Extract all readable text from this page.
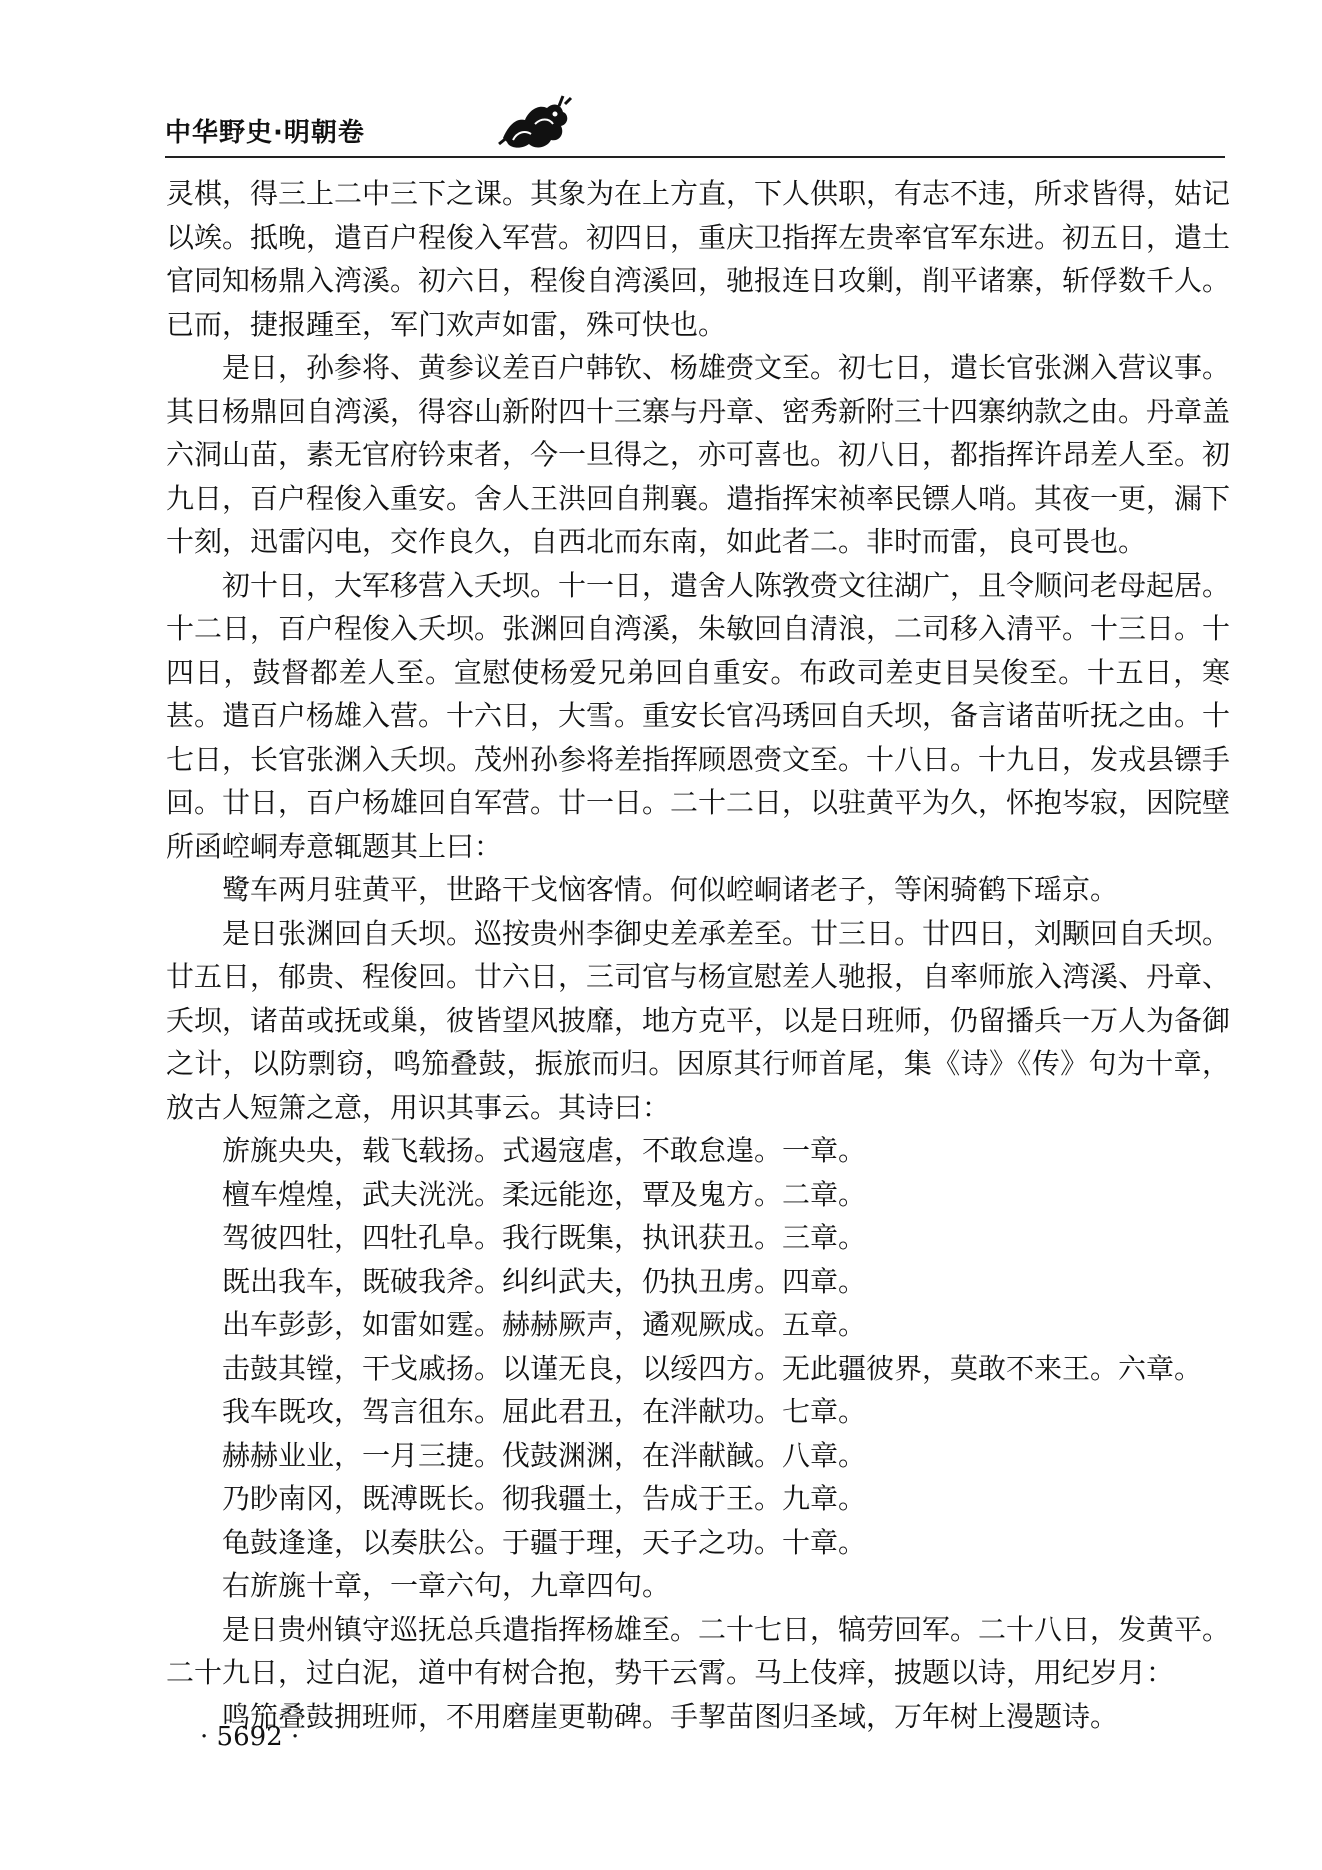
中华野史·明朝卷

灵棋，得三上二中三下之课。其象为在上方直，下人供职，有志不违，所求皆得，姑记以竢。抵晚，遣百户程俊入军营。初四日，重庆卫指挥左贵率官军东进。初五日，遣土官同知杨鼎入湾溪。初六日，程俊自湾溪回，驰报连日攻剿，削平诸寨，斩俘数千人。已而，捷报踵至，军门欢声如雷，殊可快也。

是日，孙参将、黄参议差百户韩钦、杨雄赍文至。初七日，遣长官张渊入营议事。其日杨鼎回自湾溪，得容山新附四十三寨与丹章、密秀新附三十四寨纳款之由。丹章盖六洞山苗，素无官府钤束者，今一旦得之，亦可喜也。初八日，都指挥许昂差人至。初九日，百户程俊入重安。舍人王洪回自荆襄。遣指挥宋祯率民镖人哨。其夜一更，漏下十刻，迅雷闪电，交作良久，自西北而东南，如此者二。非时而雷，良可畏也。

初十日，大军移营入夭坝。十一日，遣舍人陈敩赍文往湖广，且令顺问老母起居。十二日，百户程俊入夭坝。张渊回自湾溪，朱敏回自清浪，二司移入清平。十三日。十四日，鼓督都差人至。宣慰使杨爱兄弟回自重安。布政司差吏目吴俊至。十五日，寒甚。遣百户杨雄入营。十六日，大雪。重安长官冯琇回自夭坝，备言诸苗听抚之由。十七日，长官张渊入夭坝。茂州孙参将差指挥顾恩赍文至。十八日。十九日，发戎县镖手回。廿日，百户杨雄回自军营。廿一日。二十二日，以驻黄平为久，怀抱岑寂，因院壁所函崆峒寿意辄题其上曰：

鹭车两月驻黄平，世路干戈恼客情。何似崆峒诸老子，等闲骑鹤下瑶京。

是日张渊回自夭坝。巡按贵州李御史差承差至。廿三日。廿四日，刘颙回自夭坝。廿五日，郁贵、程俊回。廿六日，三司官与杨宣慰差人驰报，自率师旅入湾溪、丹章、夭坝，诸苗或抚或巢，彼皆望风披靡，地方克平，以是日班师，仍留播兵一万人为备御之计，以防剽窃，鸣笳叠鼓，振旅而归。因原其行师首尾，集《诗》《传》句为十章，放古人短箫之意，用识其事云。其诗曰：

旂旐央央，载飞载扬。式遏寇虐，不敢怠遑。一章。

檀车煌煌，武夫洸洸。柔远能迩，覃及鬼方。二章。

驾彼四牡，四牡孔阜。我行既集，执讯获丑。三章。

既出我车，既破我斧。纠纠武夫，仍执丑虏。四章。

出车彭彭，如雷如霆。赫赫厥声，遹观厥成。五章。

击鼓其镗，干戈戚扬。以谨无良，以绥四方。无此疆彼界，莫敢不来王。六章。

我车既攻，驾言徂东。屈此君丑，在泮献功。七章。

赫赫业业，一月三捷。伐鼓渊渊，在泮献馘。八章。

乃眇南冈，既溥既长。彻我疆土，告成于王。九章。

龟鼓逢逢，以奏肤公。于疆于理，天子之功。十章。

右旂旐十章，一章六句，九章四句。

是日贵州镇守巡抚总兵遣指挥杨雄至。二十七日，犒劳回军。二十八日，发黄平。二十九日，过白泥，道中有树合抱，势干云霄。马上伎痒，披题以诗，用纪岁月：

鸣笳叠鼓拥班师，不用磨崖更勒碑。手挈苗图归圣域，万年树上漫题诗。

· 5692 ·
